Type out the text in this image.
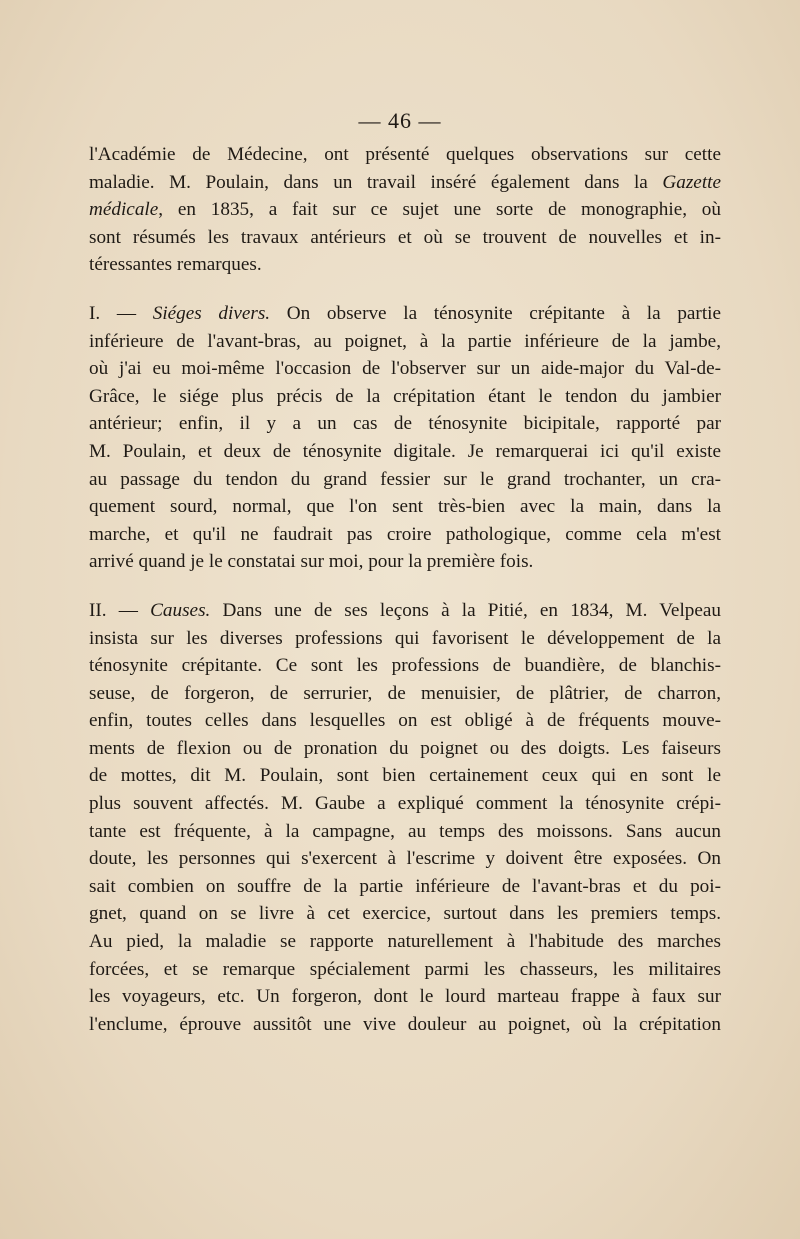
— 46 —
l'Académie de Médecine, ont présenté quelques observations sur cette
maladie. M. Poulain, dans un travail inséré également dans la Gazette
médicale, en 1835, a fait sur ce sujet une sorte de monographie, où
sont résumés les travaux antérieurs et où se trouvent de nouvelles et in-
téressantes remarques.
I. — Siéges divers. On observe la ténosynite crépitante à la partie
inférieure de l'avant-bras, au poignet, à la partie inférieure de la jambe,
où j'ai eu moi-même l'occasion de l'observer sur un aide-major du Val-de-
Grâce, le siége plus précis de la crépitation étant le tendon du jambier
antérieur; enfin, il y a un cas de ténosynite bicipitale, rapporté par
M. Poulain, et deux de ténosynite digitale. Je remarquerai ici qu'il existe
au passage du tendon du grand fessier sur le grand trochanter, un cra-
quement sourd, normal, que l'on sent très-bien avec la main, dans la
marche, et qu'il ne faudrait pas croire pathologique, comme cela m'est
arrivé quand je le constatai sur moi, pour la première fois.
II. — Causes. Dans une de ses leçons à la Pitié, en 1834, M. Velpeau
insista sur les diverses professions qui favorisent le développement de la
ténosynite crépitante. Ce sont les professions de buandière, de blanchis-
seuse, de forgeron, de serrurier, de menuisier, de plâtrier, de charron,
enfin, toutes celles dans lesquelles on est obligé à de fréquents mouve-
ments de flexion ou de pronation du poignet ou des doigts. Les faiseurs
de mottes, dit M. Poulain, sont bien certainement ceux qui en sont le
plus souvent affectés. M. Gaube a expliqué comment la ténosynite crépi-
tante est fréquente, à la campagne, au temps des moissons. Sans aucun
doute, les personnes qui s'exercent à l'escrime y doivent être exposées. On
sait combien on souffre de la partie inférieure de l'avant-bras et du poi-
gnet, quand on se livre à cet exercice, surtout dans les premiers temps.
Au pied, la maladie se rapporte naturellement à l'habitude des marches
forcées, et se remarque spécialement parmi les chasseurs, les militaires
les voyageurs, etc. Un forgeron, dont le lourd marteau frappe à faux sur
l'enclume, éprouve aussitôt une vive douleur au poignet, où la crépitation
